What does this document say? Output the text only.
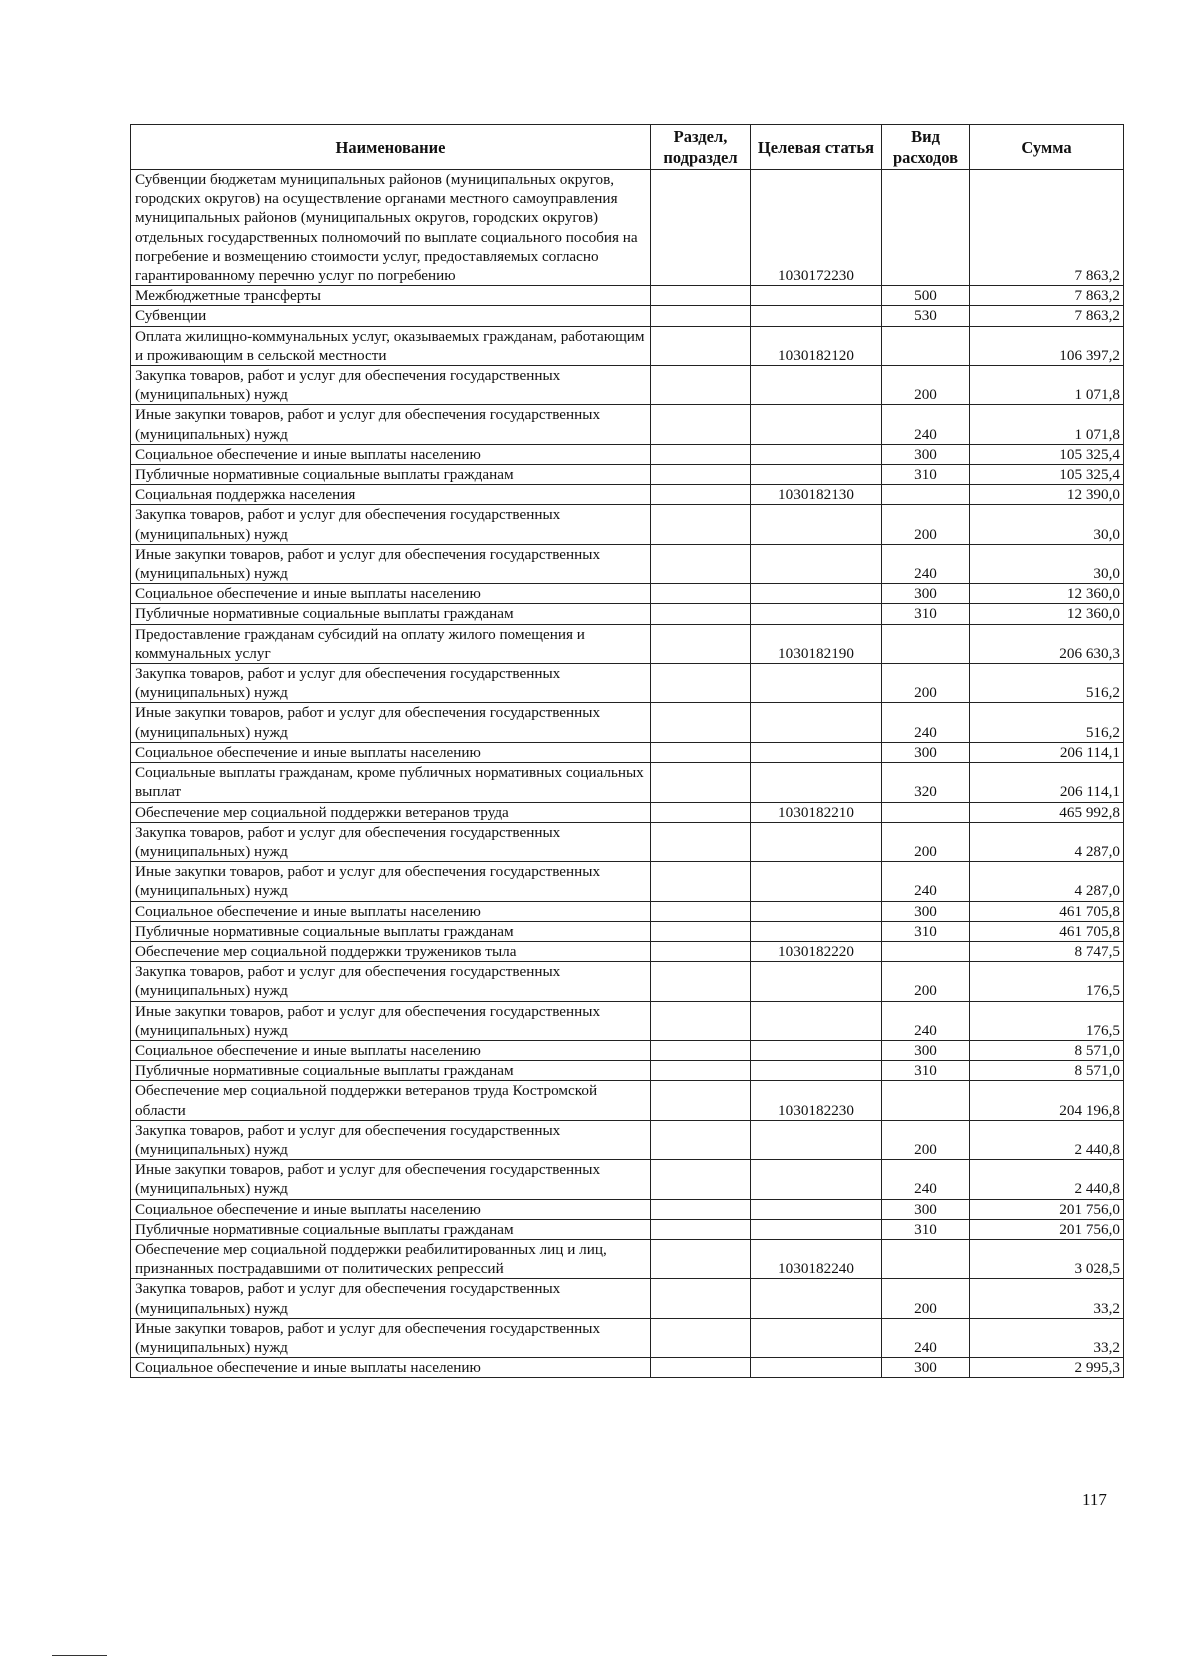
Наименование	Раздел, подраздел	Целевая статья	Вид расходов	Сумма
Субвенции бюджетам муниципальных районов (муниципальных округов, городских округов) на осуществление органами местного самоуправления муниципальных районов (муниципальных округов, городских округов) отдельных государственных полномочий по выплате социального пособия на погребение и возмещению стоимости услуг, предоставляемых согласно гарантированному перечню услуг по погребению		1030172230		7 863,2
Межбюджетные трансферты			500	7 863,2
Субвенции			530	7 863,2
Оплата жилищно-коммунальных услуг, оказываемых гражданам, работающим и проживающим в сельской местности		1030182120		106 397,2
Закупка товаров, работ и услуг для обеспечения государственных (муниципальных) нужд			200	1 071,8
Иные закупки товаров, работ и услуг для обеспечения государственных (муниципальных) нужд			240	1 071,8
Социальное обеспечение и иные выплаты населению			300	105 325,4
Публичные нормативные социальные выплаты гражданам			310	105 325,4
Социальная поддержка населения		1030182130		12 390,0
Закупка товаров, работ и услуг для обеспечения государственных (муниципальных) нужд			200	30,0
Иные закупки товаров, работ и услуг для обеспечения государственных (муниципальных) нужд			240	30,0
Социальное обеспечение и иные выплаты населению			300	12 360,0
Публичные нормативные социальные выплаты гражданам			310	12 360,0
Предоставление гражданам субсидий на оплату жилого помещения и коммунальных услуг		1030182190		206 630,3
Закупка товаров, работ и услуг для обеспечения государственных (муниципальных) нужд			200	516,2
Иные закупки товаров, работ и услуг для обеспечения государственных (муниципальных) нужд			240	516,2
Социальное обеспечение и иные выплаты населению			300	206 114,1
Социальные выплаты гражданам, кроме публичных нормативных социальных выплат			320	206 114,1
Обеспечение мер социальной поддержки ветеранов труда		1030182210		465 992,8
Закупка товаров, работ и услуг для обеспечения государственных (муниципальных) нужд			200	4 287,0
Иные закупки товаров, работ и услуг для обеспечения государственных (муниципальных) нужд			240	4 287,0
Социальное обеспечение и иные выплаты населению			300	461 705,8
Публичные нормативные социальные выплаты гражданам			310	461 705,8
Обеспечение мер социальной поддержки тружеников тыла		1030182220		8 747,5
Закупка товаров, работ и услуг для обеспечения государственных (муниципальных) нужд			200	176,5
Иные закупки товаров, работ и услуг для обеспечения государственных (муниципальных) нужд			240	176,5
Социальное обеспечение и иные выплаты населению			300	8 571,0
Публичные нормативные социальные выплаты гражданам			310	8 571,0
Обеспечение мер социальной поддержки ветеранов труда Костромской области		1030182230		204 196,8
Закупка товаров, работ и услуг для обеспечения государственных (муниципальных) нужд			200	2 440,8
Иные закупки товаров, работ и услуг для обеспечения государственных (муниципальных) нужд			240	2 440,8
Социальное обеспечение и иные выплаты населению			300	201 756,0
Публичные нормативные социальные выплаты гражданам			310	201 756,0
Обеспечение мер социальной поддержки реабилитированных лиц и лиц, признанных пострадавшими от политических репрессий		1030182240		3 028,5
Закупка товаров, работ и услуг для обеспечения государственных (муниципальных) нужд			200	33,2
Иные закупки товаров, работ и услуг для обеспечения государственных (муниципальных) нужд			240	33,2
Социальное обеспечение и иные выплаты населению			300	2 995,3
117
